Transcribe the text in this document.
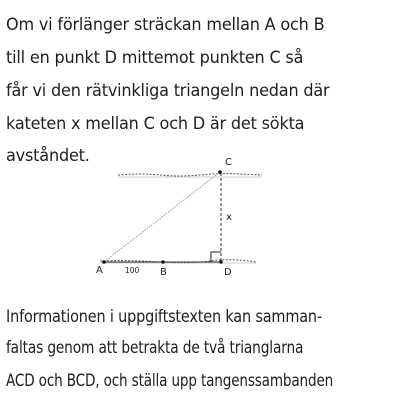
Om vi förlänger sträckan mellan A och B
till en punkt D mittemot punkten C så
får vi den rätvinkliga triangeln nedan där
kateten x mellan C och D är det sökta
avståndet.	C
x
A	100 B	D
Informationen i uppgiftstexten kan samman-
faltas genom att betrakta de två trianglarna
ACD och BCD, och ställa upp tangenssambanden
